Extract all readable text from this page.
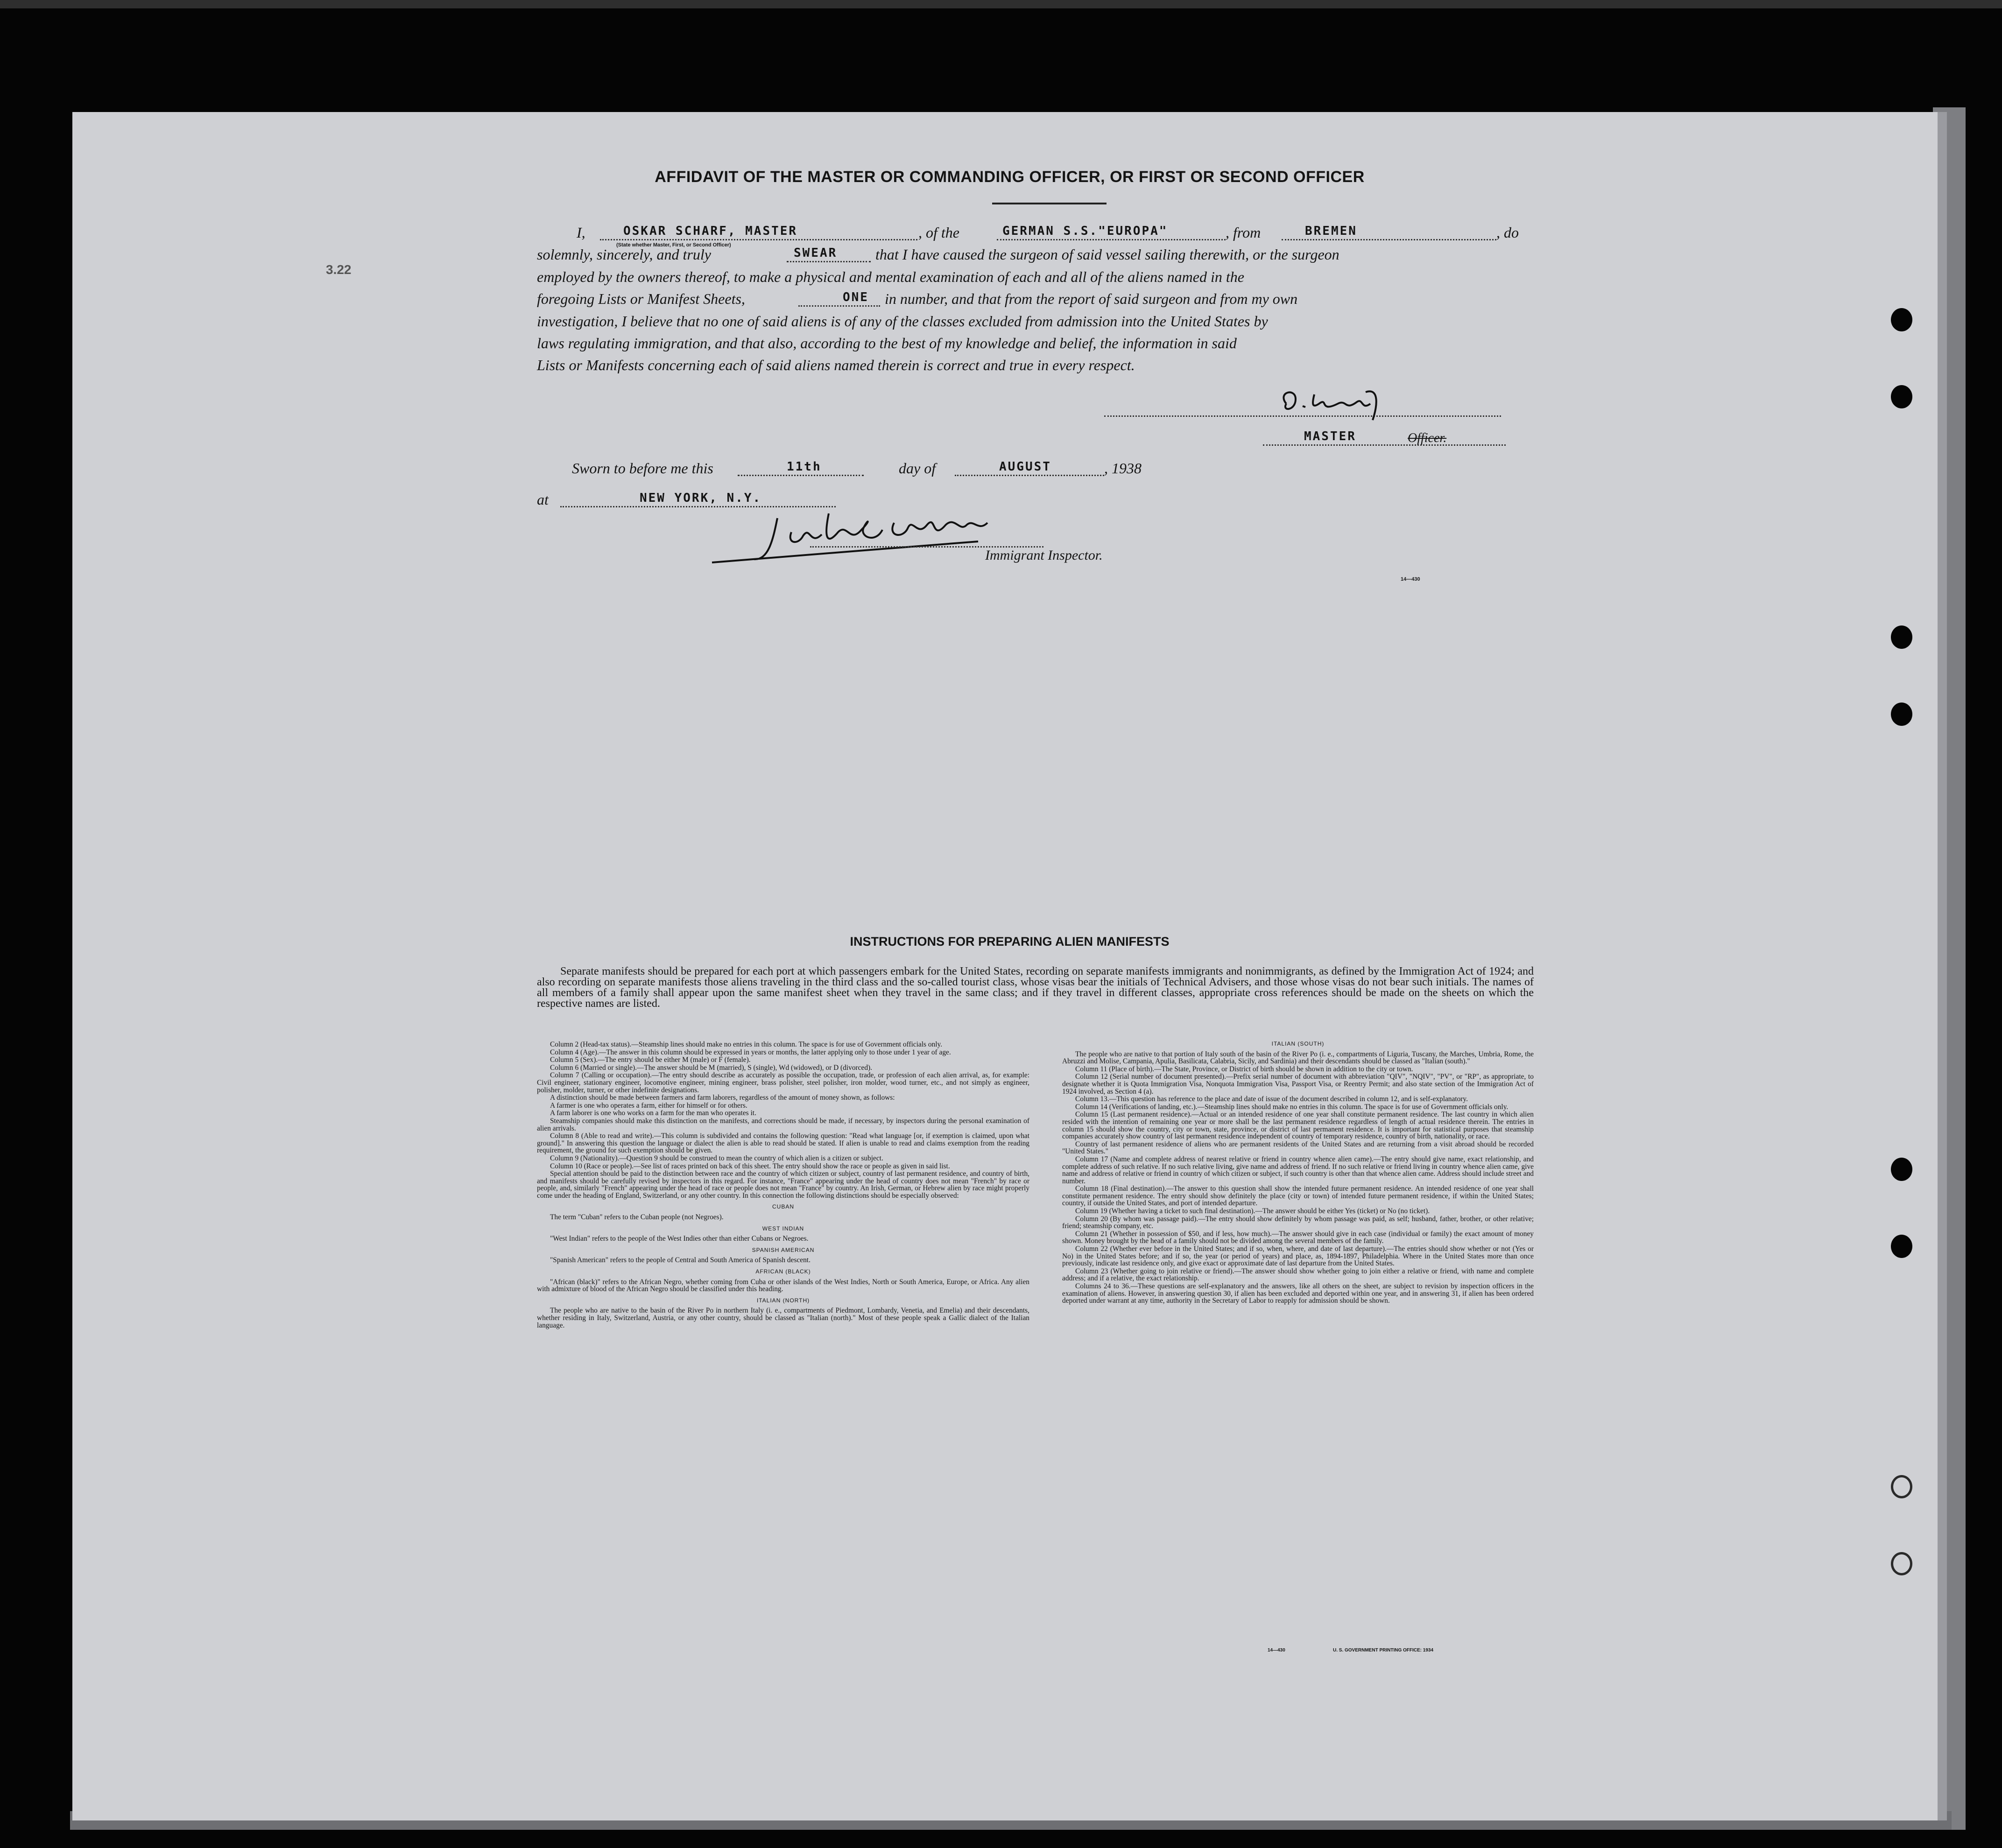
3.22
AFFIDAVIT OF THE MASTER OR COMMANDING OFFICER, OR FIRST OR SECOND OFFICER
I,	OSKAR SCHARF, MASTER
(State whether Master, First, or Second Officer)
, of the	GERMAN S.S."EUROPA"	, from	BREMEN	, do
solemnly, sincerely, and truly	SWEAR	that I have caused the surgeon of said vessel sailing therewith, or the surgeon
employed by the owners thereof, to make a physical and mental examination of each and all of the aliens named in the
foregoing Lists or Manifest Sheets,	ONE in number, and that from the report of said surgeon and from my own
investigation, I believe that no one of said aliens is of any of the classes excluded from admission into the United States by
laws regulating immigration, and that also, according to the best of my knowledge and belief, the information in said
Lists or Manifests concerning each of said aliens named therein is correct and true in every respect.
O. Scharf
MASTER	Officer.
Sworn to before me this	11th	day of	AUGUST	, 1938
at	NEW YORK, N.Y.
John Ostrom
Immigrant Inspector.
14—430
INSTRUCTIONS FOR PREPARING ALIEN MANIFESTS

Separate manifests should be prepared for each port at which passengers embark for the United States, recording on separate manifests immigrants and nonimmigrants, as defined by the Immigration Act of 1924; and also recording on separate manifests those aliens traveling in the third class and the so-called tourist class, whose visas bear the initials of Technical Advisers, and those whose visas do not bear such initials. The names of all members of a family shall appear upon the same manifest sheet when they travel in the same class; and if they travel in different classes, appropriate cross references should be made on the sheets on which the respective names are listed.

Column 2 (Head-tax status).—Steamship lines should make no entries in this column. The space is for use of Government officials only.

Column 4 (Age).—The answer in this column should be expressed in years or months, the latter applying only to those under 1 year of age.

Column 5 (Sex).—The entry should be either M (male) or F (female).

Column 6 (Married or single).—The answer should be M (married), S (single), Wd (widowed), or D (divorced).

Column 7 (Calling or occupation).—The entry should describe as accurately as possible the occupation, trade, or profession of each alien arrival, as, for example: Civil engineer, stationary engineer, locomotive engineer, mining engineer, brass polisher, steel polisher, iron molder, wood turner, etc., and not simply as engineer, polisher, molder, turner, or other indefinite designations.

A distinction should be made between farmers and farm laborers, regardless of the amount of money shown, as follows:

A farmer is one who operates a farm, either for himself or for others.

A farm laborer is one who works on a farm for the man who operates it.

Steamship companies should make this distinction on the manifests, and corrections should be made, if necessary, by inspectors during the personal examination of alien arrivals.

Column 8 (Able to read and write).—This column is subdivided and contains the following question: "Read what language [or, if exemption is claimed, upon what ground]." In answering this question the language or dialect the alien is able to read should be stated. If alien is unable to read and claims exemption from the reading requirement, the ground for such exemption should be given.

Column 9 (Nationality).—Question 9 should be construed to mean the country of which alien is a citizen or subject.

Column 10 (Race or people).—See list of races printed on back of this sheet. The entry should show the race or people as given in said list.

Special attention should be paid to the distinction between race and the country of which citizen or subject, country of last permanent residence, and country of birth, and manifests should be carefully revised by inspectors in this regard. For instance, "France" appearing under the head of country does not mean "French" by race or people, and, similarly "French" appearing under the head of race or people does not mean "France" by country. An Irish, German, or Hebrew alien by race might properly come under the heading of England, Switzerland, or any other country. In this connection the following distinctions should be especially observed:

CUBAN

The term "Cuban" refers to the Cuban people (not Negroes).

WEST INDIAN

"West Indian" refers to the people of the West Indies other than either Cubans or Negroes.

SPANISH AMERICAN

"Spanish American" refers to the people of Central and South America of Spanish descent.

AFRICAN (BLACK)

"African (black)" refers to the African Negro, whether coming from Cuba or other islands of the West Indies, North or South America, Europe, or Africa. Any alien with admixture of blood of the African Negro should be classified under this heading.

ITALIAN (NORTH)

The people who are native to the basin of the River Po in northern Italy (i. e., compartments of Piedmont, Lombardy, Venetia, and Emelia) and their descendants, whether residing in Italy, Switzerland, Austria, or any other country, should be classed as "Italian (north)." Most of these people speak a Gallic dialect of the Italian language.

ITALIAN (SOUTH)

The people who are native to that portion of Italy south of the basin of the River Po (i. e., compartments of Liguria, Tuscany, the Marches, Umbria, Rome, the Abruzzi and Molise, Campania, Apulia, Basilicata, Calabria, Sicily, and Sardinia) and their descendants should be classed as "Italian (south)."

Column 11 (Place of birth).—The State, Province, or District of birth should be shown in addition to the city or town.

Column 12 (Serial number of document presented).—Prefix serial number of document with abbreviation "QIV", "NQIV", "PV", or "RP", as appropriate, to designate whether it is Quota Immigration Visa, Nonquota Immigration Visa, Passport Visa, or Reentry Permit; and also state section of the Immigration Act of 1924 involved, as Section 4 (a).

Column 13.—This question has reference to the place and date of issue of the document described in column 12, and is self-explanatory.

Column 14 (Verifications of landing, etc.).—Steamship lines should make no entries in this column. The space is for use of Government officials only.

Column 15 (Last permanent residence).—Actual or an intended residence of one year shall constitute permanent residence. The last country in which alien resided with the intention of remaining one year or more shall be the last permanent residence regardless of length of actual residence therein. The entries in column 15 should show the country, city or town, state, province, or district of last permanent residence. It is important for statistical purposes that steamship companies accurately show country of last permanent residence independent of country of temporary residence, country of birth, nationality, or race.

Country of last permanent residence of aliens who are permanent residents of the United States and are returning from a visit abroad should be recorded "United States."

Column 17 (Name and complete address of nearest relative or friend in country whence alien came).—The entry should give name, exact relationship, and complete address of such relative. If no such relative living, give name and address of friend. If no such relative or friend living in country whence alien came, give name and address of relative or friend in country of which citizen or subject, if such country is other than that whence alien came. Address should include street and number.

Column 18 (Final destination).—The answer to this question shall show the intended future permanent residence. An intended residence of one year shall constitute permanent residence. The entry should show definitely the place (city or town) of intended future permanent residence, if within the United States; country, if outside the United States, and port of intended departure.

Column 19 (Whether having a ticket to such final destination).—The answer should be either Yes (ticket) or No (no ticket).

Column 20 (By whom was passage paid).—The entry should show definitely by whom passage was paid, as self; husband, father, brother, or other relative; friend; steamship company, etc.

Column 21 (Whether in possession of $50, and if less, how much).—The answer should give in each case (individual or family) the exact amount of money shown. Money brought by the head of a family should not be divided among the several members of the family.

Column 22 (Whether ever before in the United States; and if so, when, where, and date of last departure).—The entries should show whether or not (Yes or No) in the United States before; and if so, the year (or period of years) and place, as, 1894-1897, Philadelphia. Where in the United States more than once previously, indicate last residence only, and give exact or approximate date of last departure from the United States.

Column 23 (Whether going to join relative or friend).—The answer should show whether going to join either a relative or friend, with name and complete address; and if a relative, the exact relationship.

Columns 24 to 36.—These questions are self-explanatory and the answers, like all others on the sheet, are subject to revision by inspection officers in the examination of aliens. However, in answering question 30, if alien has been excluded and deported within one year, and in answering 31, if alien has been ordered deported under warrant at any time, authority in the Secretary of Labor to reapply for admission should be shown.

14—430	U. S. GOVERNMENT PRINTING OFFICE: 1934
